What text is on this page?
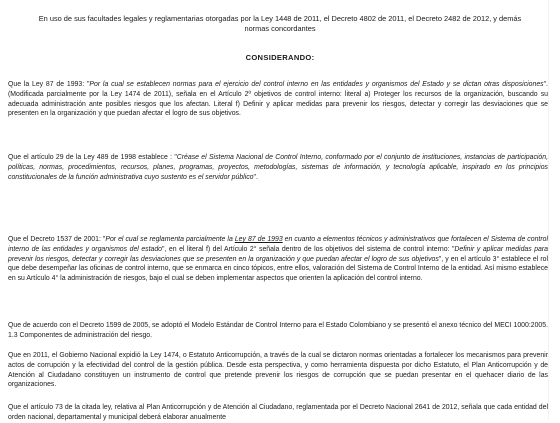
En uso de sus facultades legales y reglamentarias otorgadas por la Ley 1448 de 2011, el Decreto 4802 de 2011, el Decreto 2482 de 2012, y demás normas concordantes
CONSIDERANDO:
Que la Ley 87 de 1993: "Por la cual se establecen normas para el ejercicio del control interno en las entidades y organismos del Estado y se dictan otras disposiciones". (Modificada parcialmente por la Ley 1474 de 2011), señala en el Artículo 2º objetivos de control interno: literal a) Proteger los recursos de la organización, buscando su adecuada administración ante posibles riesgos que los afectan. Literal f) Definir y aplicar medidas para prevenir los riesgos, detectar y corregir las desviaciones que se presenten en la organización y que puedan afectar el logro de sus objetivos.
Que el artículo 29 de la Ley 489 de 1998 establece : "Créase el Sistema Nacional de Control Interno, conformado por el conjunto de instituciones, instancias de participación, políticas, normas, procedimientos, recursos, planes, programas, proyectos, metodologías, sistemas de información, y tecnología aplicable, inspirado en los principios constitucionales de la función administrativa cuyo sustento es el servidor público".
Que el Decreto 1537 de 2001: "Por el cual se reglamenta parcialmente la Ley 87 de 1993 en cuanto a elementos técnicos y administrativos que fortalecen el Sistema de control interno de las entidades y organismos del estado", en el literal f) del Artículo 2° señala dentro de los objetivos del sistema de control interno: "Definir y aplicar medidas para prevenir los riesgos, detectar y corregir las desviaciones que se presenten en la organización y que puedan afectar el logro de sus objetivos", y en el artículo 3° establece el rol que debe desempeñar las oficinas de control interno, que se enmarca en cinco tópicos, entre ellos, valoración del Sistema de Control Interno de la entidad. Así mismo establece en su Artículo 4° la administración de riesgos, bajo el cual se deben implementar aspectos que orienten la aplicación del control interno.
Que de acuerdo con el Decreto 1599 de 2005, se adoptó el Modelo Estándar de Control Interno para el Estado Colombiano y se presentó el anexo técnico del MECI 1000:2005. 1.3 Componentes de administración del riesgo.
Que en 2011, el Gobierno Nacional expidió la Ley 1474, o Estatuto Anticorrupción, a través de la cual se dictaron normas orientadas a fortalecer los mecanismos para prevenir actos de corrupción y la efectividad del control de la gestión pública. Desde esta perspectiva, y como herramienta dispuesta por dicho Estatuto, el Plan Anticorrupción y de Atención al Ciudadano constituyen un instrumento de control que pretende prevenir los riesgos de corrupción que se puedan presentar en el quehacer diario de las organizaciones.
Que el artículo 73 de la citada ley, relativa al Plan Anticorrupción y de Atención al Ciudadano, reglamentada por el Decreto Nacional 2641 de 2012, señala que cada entidad del orden nacional, departamental y municipal deberá elaborar anualmente
